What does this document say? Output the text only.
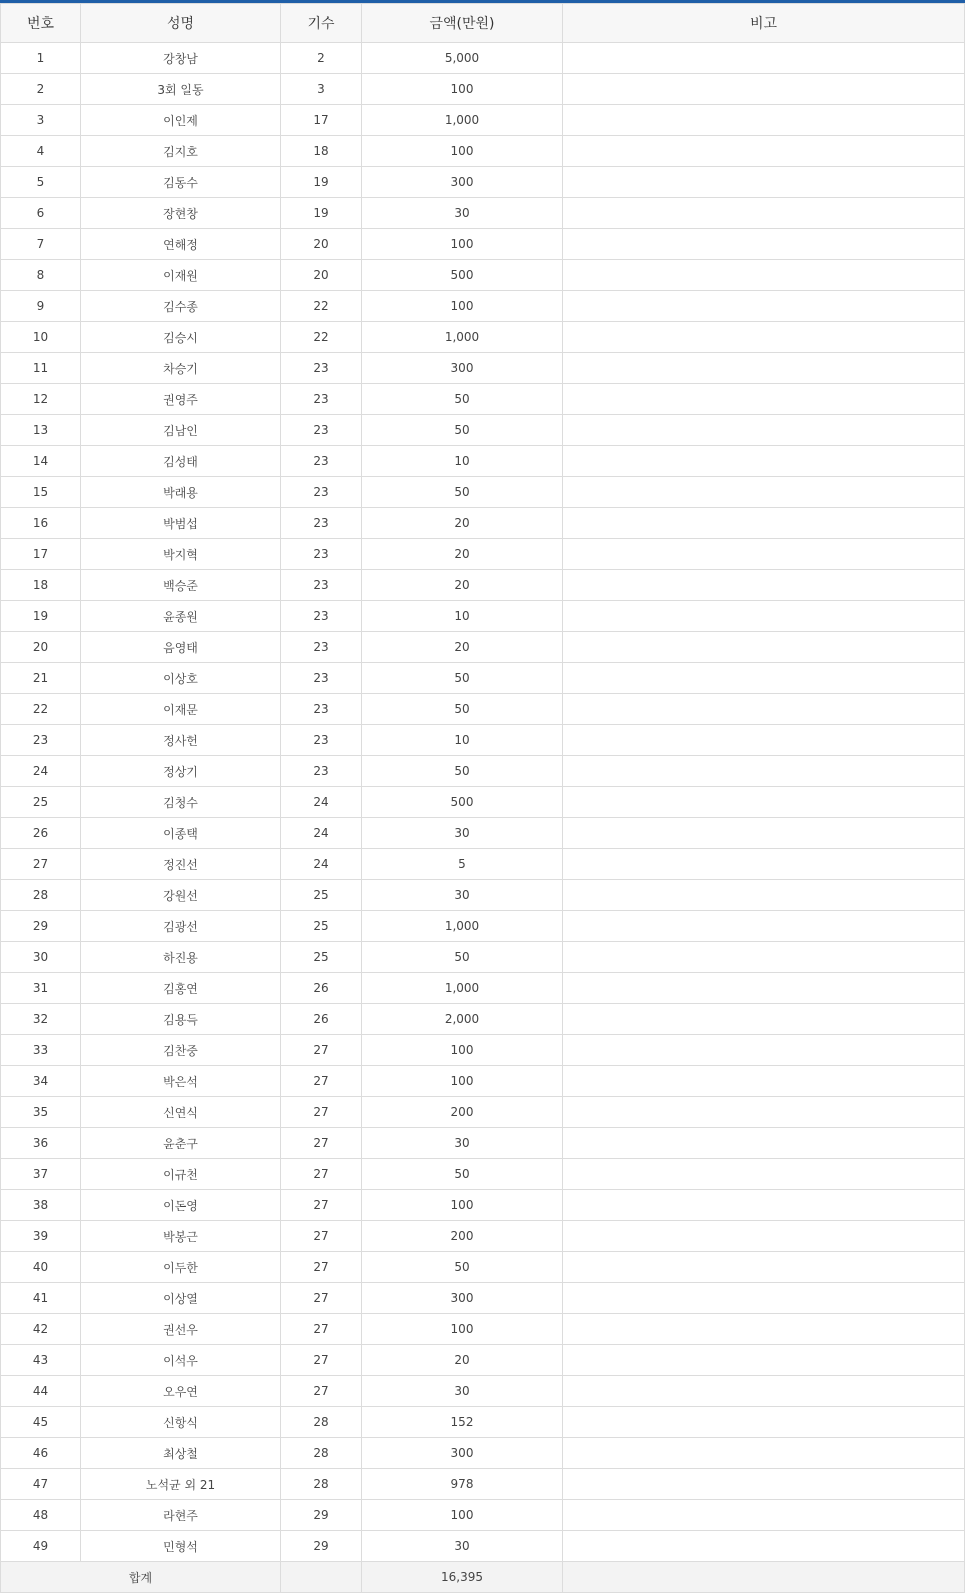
번호	성명	기수	금액(만원)	비고
1	강창남	2	5,000	
2	3회 일동	3	100	
3	이인제	17	1,000	
4	김지호	18	100	
5	김동수	19	300	
6	장현창	19	30	
7	연해정	20	100	
8	이재원	20	500	
9	김수종	22	100	
10	김승시	22	1,000	
11	차승기	23	300	
12	권영주	23	50	
13	김남인	23	50	
14	김성태	23	10	
15	박래용	23	50	
16	박범섭	23	20	
17	박지혁	23	20	
18	백승준	23	20	
19	윤종원	23	10	
20	음영태	23	20	
21	이상호	23	50	
22	이재문	23	50	
23	정사헌	23	10	
24	정상기	23	50	
25	김청수	24	500	
26	이종택	24	30	
27	정진선	24	5	
28	강원선	25	30	
29	김광선	25	1,000	
30	하진용	25	50	
31	김홍연	26	1,000	
32	김용득	26	2,000	
33	김찬중	27	100	
34	박은석	27	100	
35	신연식	27	200	
36	윤춘구	27	30	
37	이규천	27	50	
38	이돈영	27	100	
39	박봉근	27	200	
40	이두한	27	50	
41	이상열	27	300	
42	권선우	27	100	
43	이석우	27	20	
44	오우연	27	30	
45	신항식	28	152	
46	최상철	28	300	
47	노석균 외 21	28	978	
48	라현주	29	100	
49	민형석	29	30	
합계			16,395	
